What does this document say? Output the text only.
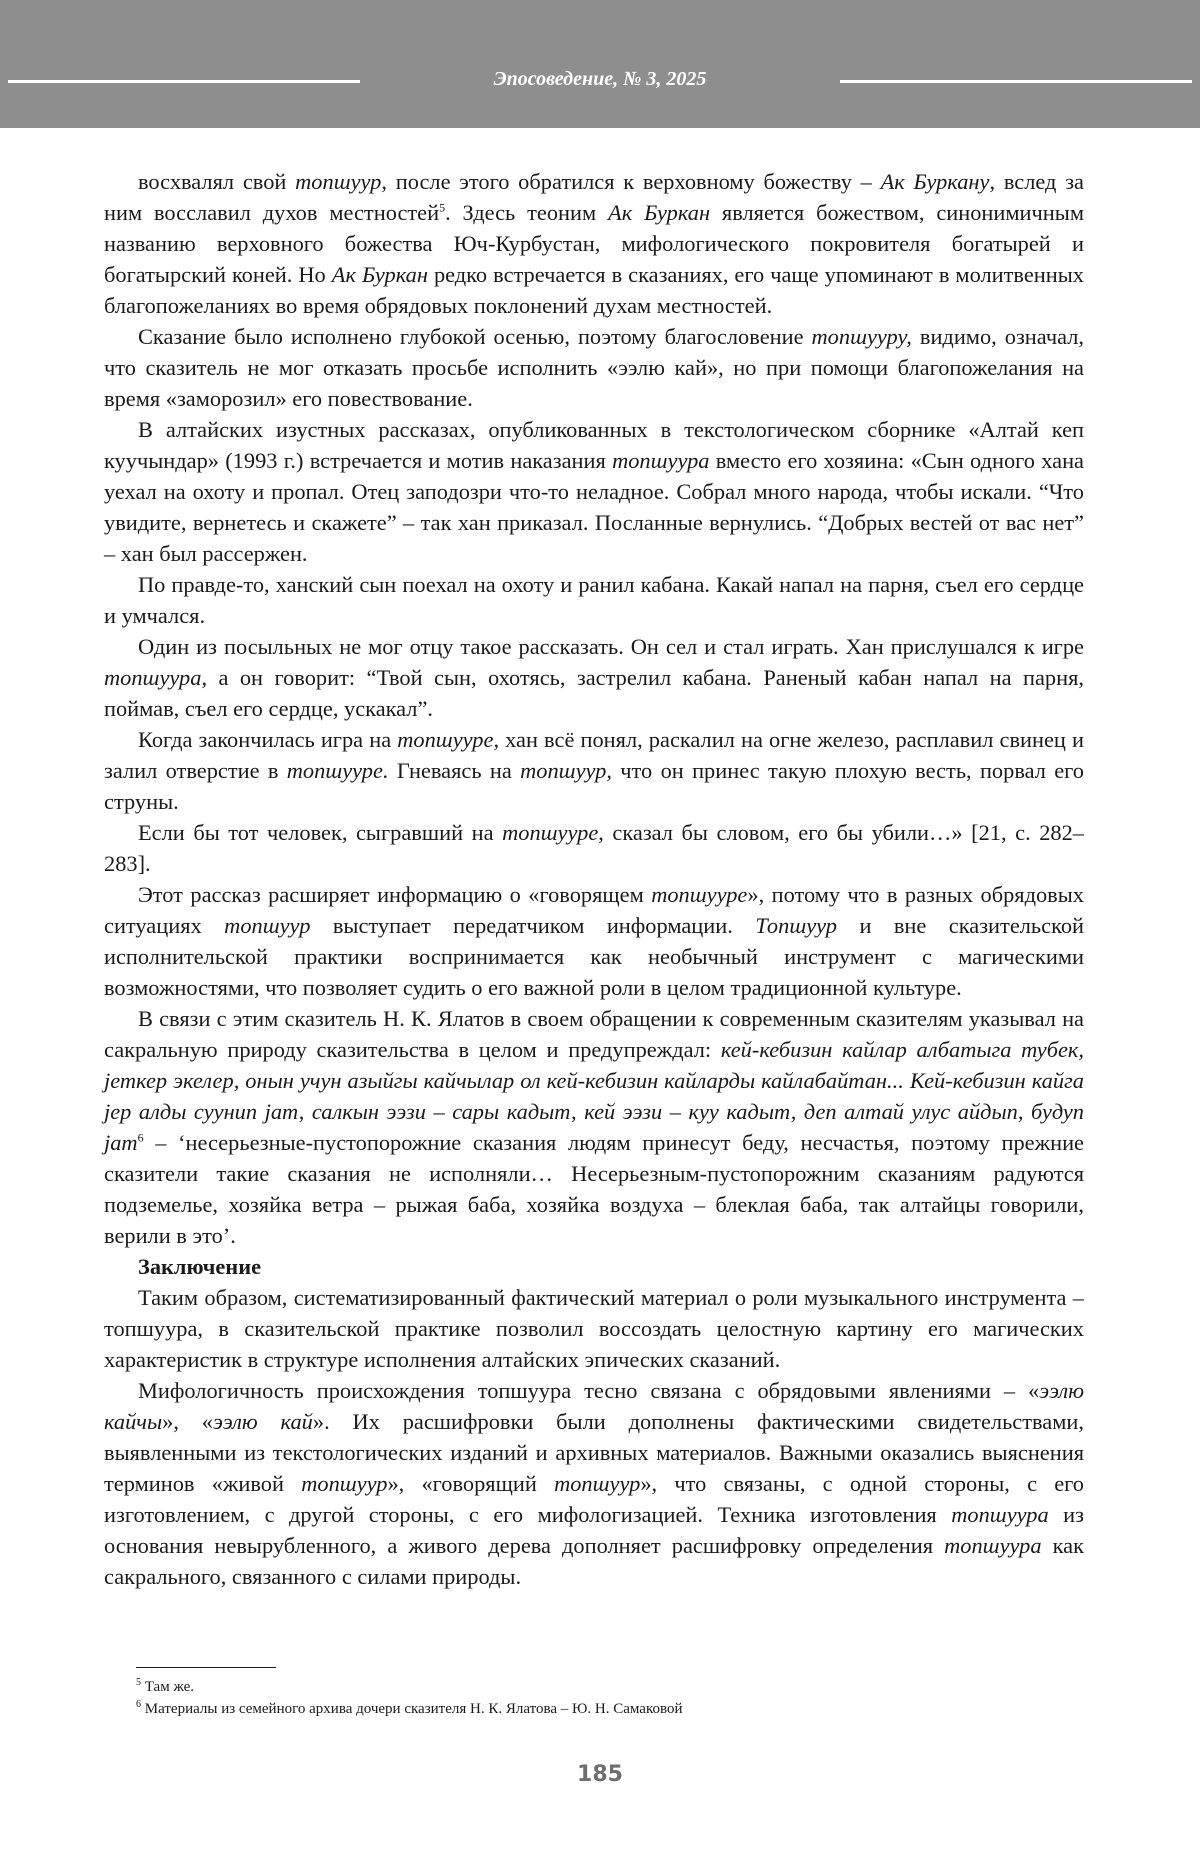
Эпосоведение, № 3, 2025

восхвалял свой топшуур, после этого обратился к верховному божеству – Ак Буркану, вслед за ним восславил духов местностей$^5$. Здесь теоним Ак Буркан является божеством, синонимичным названию верховного божества Юч-Курбустан, мифологического покровителя богатырей и богатырский коней. Но Ак Буркан редко встречается в сказаниях, его чаще упоминают в молитвенных благопожеланиях во время обрядовых поклонений духам местностей.

Сказание было исполнено глубокой осенью, поэтому благословение топшууру, видимо, означал, что сказитель не мог отказать просьбе исполнить «ээлю кай», но при помощи благопожелания на время «заморозил» его повествование.

В алтайских изустных рассказах, опубликованных в текстологическом сборнике «Алтай кеп куучындар» (1993 г.) встречается и мотив наказания топшуура вместо его хозяина: «Сын одного хана уехал на охоту и пропал. Отец заподозри что-то неладное. Собрал много народа, чтобы искали. “Что увидите, вернетесь и скажете” – так хан приказал. Посланные вернулись. “Добрых вестей от вас нет” – хан был рассержен.

По правде-то, ханский сын поехал на охоту и ранил кабана. Какай напал на парня, съел его сердце и умчался.

Один из посыльных не мог отцу такое рассказать. Он сел и стал играть. Хан прислушался к игре топшуура, а он говорит: “Твой сын, охотясь, застрелил кабана. Раненый кабан напал на парня, поймав, съел его сердце, ускакал”.

Когда закончилась игра на топшууре, хан всё понял, раскалил на огне железо, расплавил свинец и залил отверстие в топшууре. Гневаясь на топшуур, что он принес такую плохую весть, порвал его струны.

Если бы тот человек, сыгравший на топшууре, сказал бы словом, его бы убили…» [21, с. 282–283].

Этот рассказ расширяет информацию о «говорящем топшууре», потому что в разных обрядовых ситуациях топшуур выступает передатчиком информации. Топшуур и вне сказительской исполнительской практики воспринимается как необычный инструмент с магическими возможностями, что позволяет судить о его важной роли в целом традиционной культуре.

В связи с этим сказитель Н. К. Ялатов в своем обращении к современным сказителям указывал на сакральную природу сказительства в целом и предупреждал: кей-кебизин кайлар албатыга тубек, јеткер экелер, онын учун азыйгы кайчылар ол кей-кебизин кайларды кайлабайтан... Кей-кебизин кайга јер алды суунип јат, салкын ээзи – сары кадыт, кей ээзи – куу кадыт, деп алтай улус айдып, будуп јат$^6$ – ‘несерьезные-пустопорожние сказания людям принесут беду, несчастья, поэтому прежние сказители такие сказания не исполняли… Несерьезным-пустопорожним сказаниям радуются подземелье, хозяйка ветра – рыжая баба, хозяйка воздуха – блеклая баба, так алтайцы говорили, верили в это’.

Заключение

Таким образом, систематизированный фактический материал о роли музыкального инструмента – топшуура, в сказительской практике позволил воссоздать целостную картину его магических характеристик в структуре исполнения алтайских эпических сказаний.

Мифологичность происхождения топшуура тесно связана с обрядовыми явлениями – «ээлю кайчы», «ээлю кай». Их расшифровки были дополнены фактическими свидетельствами, выявленными из текстологических изданий и архивных материалов. Важными оказались выяснения терминов «живой топшуур», «говорящий топшуур», что связаны, с одной стороны, с его изготовлением, с другой стороны, с его мифологизацией. Техника изготовления топшуура из основания невырубленного, а живого дерева дополняет расшифровку определения топшуура как сакрального, связанного с силами природы.

$^5$ Там же.
$^6$ Материалы из семейного архива дочери сказителя Н. К. Ялатова – Ю. Н. Самаковой
185
